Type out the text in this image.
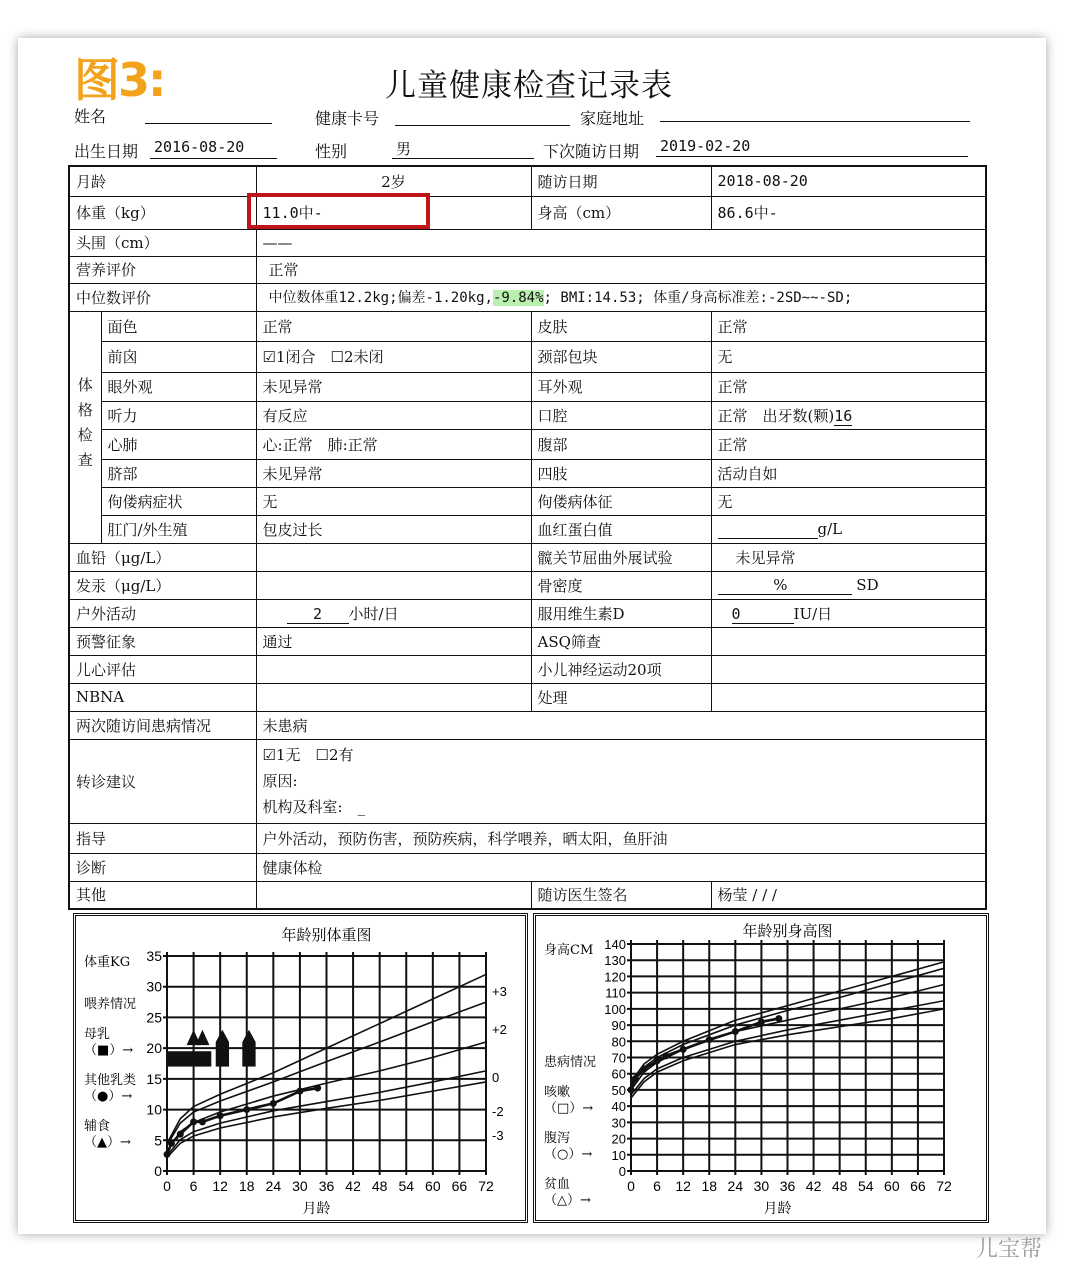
图3:	儿童健康检查记录表
姓名	健康卡号	家庭地址
出生日期 2016-08-20	性别	男	下次随访日期 2019-02-20
月龄		2岁	随访日期	2018-08-20
体重（kg）		11.0中-	身高（cm）	86.6中-
头围（cm）		——		
营养评价		正常		
中位数评价		中位数体重12.2kg;偏差-1.20kg,-9.84%; BMI:14.53; 体重/身高标准差:-2SD~~-SD;		
体格检查	面色	正常	皮肤	正常
	前囟	☑1闭合　☐2未闭	颈部包块	无
	眼外观	未见异常	耳外观	正常
	听力	有反应	口腔	正常　出牙数(颗)16
	心肺	心:正常　肺:正常	腹部	正常
	脐部	未见异常	四肢	活动自如
	佝偻病症状	无	佝偻病体征	无
	肛门/外生殖	包皮过长	血红蛋白值	g/L
血铅（μg/L）			髋关节屈曲外展试验	未见异常
发汞（μg/L）			骨密度	% SD
户外活动		2 小时/日	服用维生素D	0 IU/日
预警征象		通过	ASQ筛查	
儿心评估			小儿神经运动20项	
NBNA			处理	
两次随访间患病情况		未患病		
转诊建议		☑1无　☐2有
原因:
机构及科室:　_		

指导		户外活动，预防伤害，预防疾病，科学喂养，晒太阳，鱼肝油		
诊断		健康体检		
其他			随访医生签名	杨莹 / / /
年龄别体重图
0 6 12 18 24 30 36 42 48 54 60 66 72
0
5
10
15
20
25
30
35
月龄
体重KG
喂养情况
母乳（■）→
其他乳类（●）→
辅食（▲）→
+3
+2
0
-2
-3
年龄别身高图
0 6 12 18 24 30 36 42 48 54 60 66 72
0
10
20
30
40
50
60
70
80
90
100
110
120
130
140
月龄
身高CM
患病情况
咳嗽（□）→
腹泻（○）→
贫血（△）→
儿宝帮
